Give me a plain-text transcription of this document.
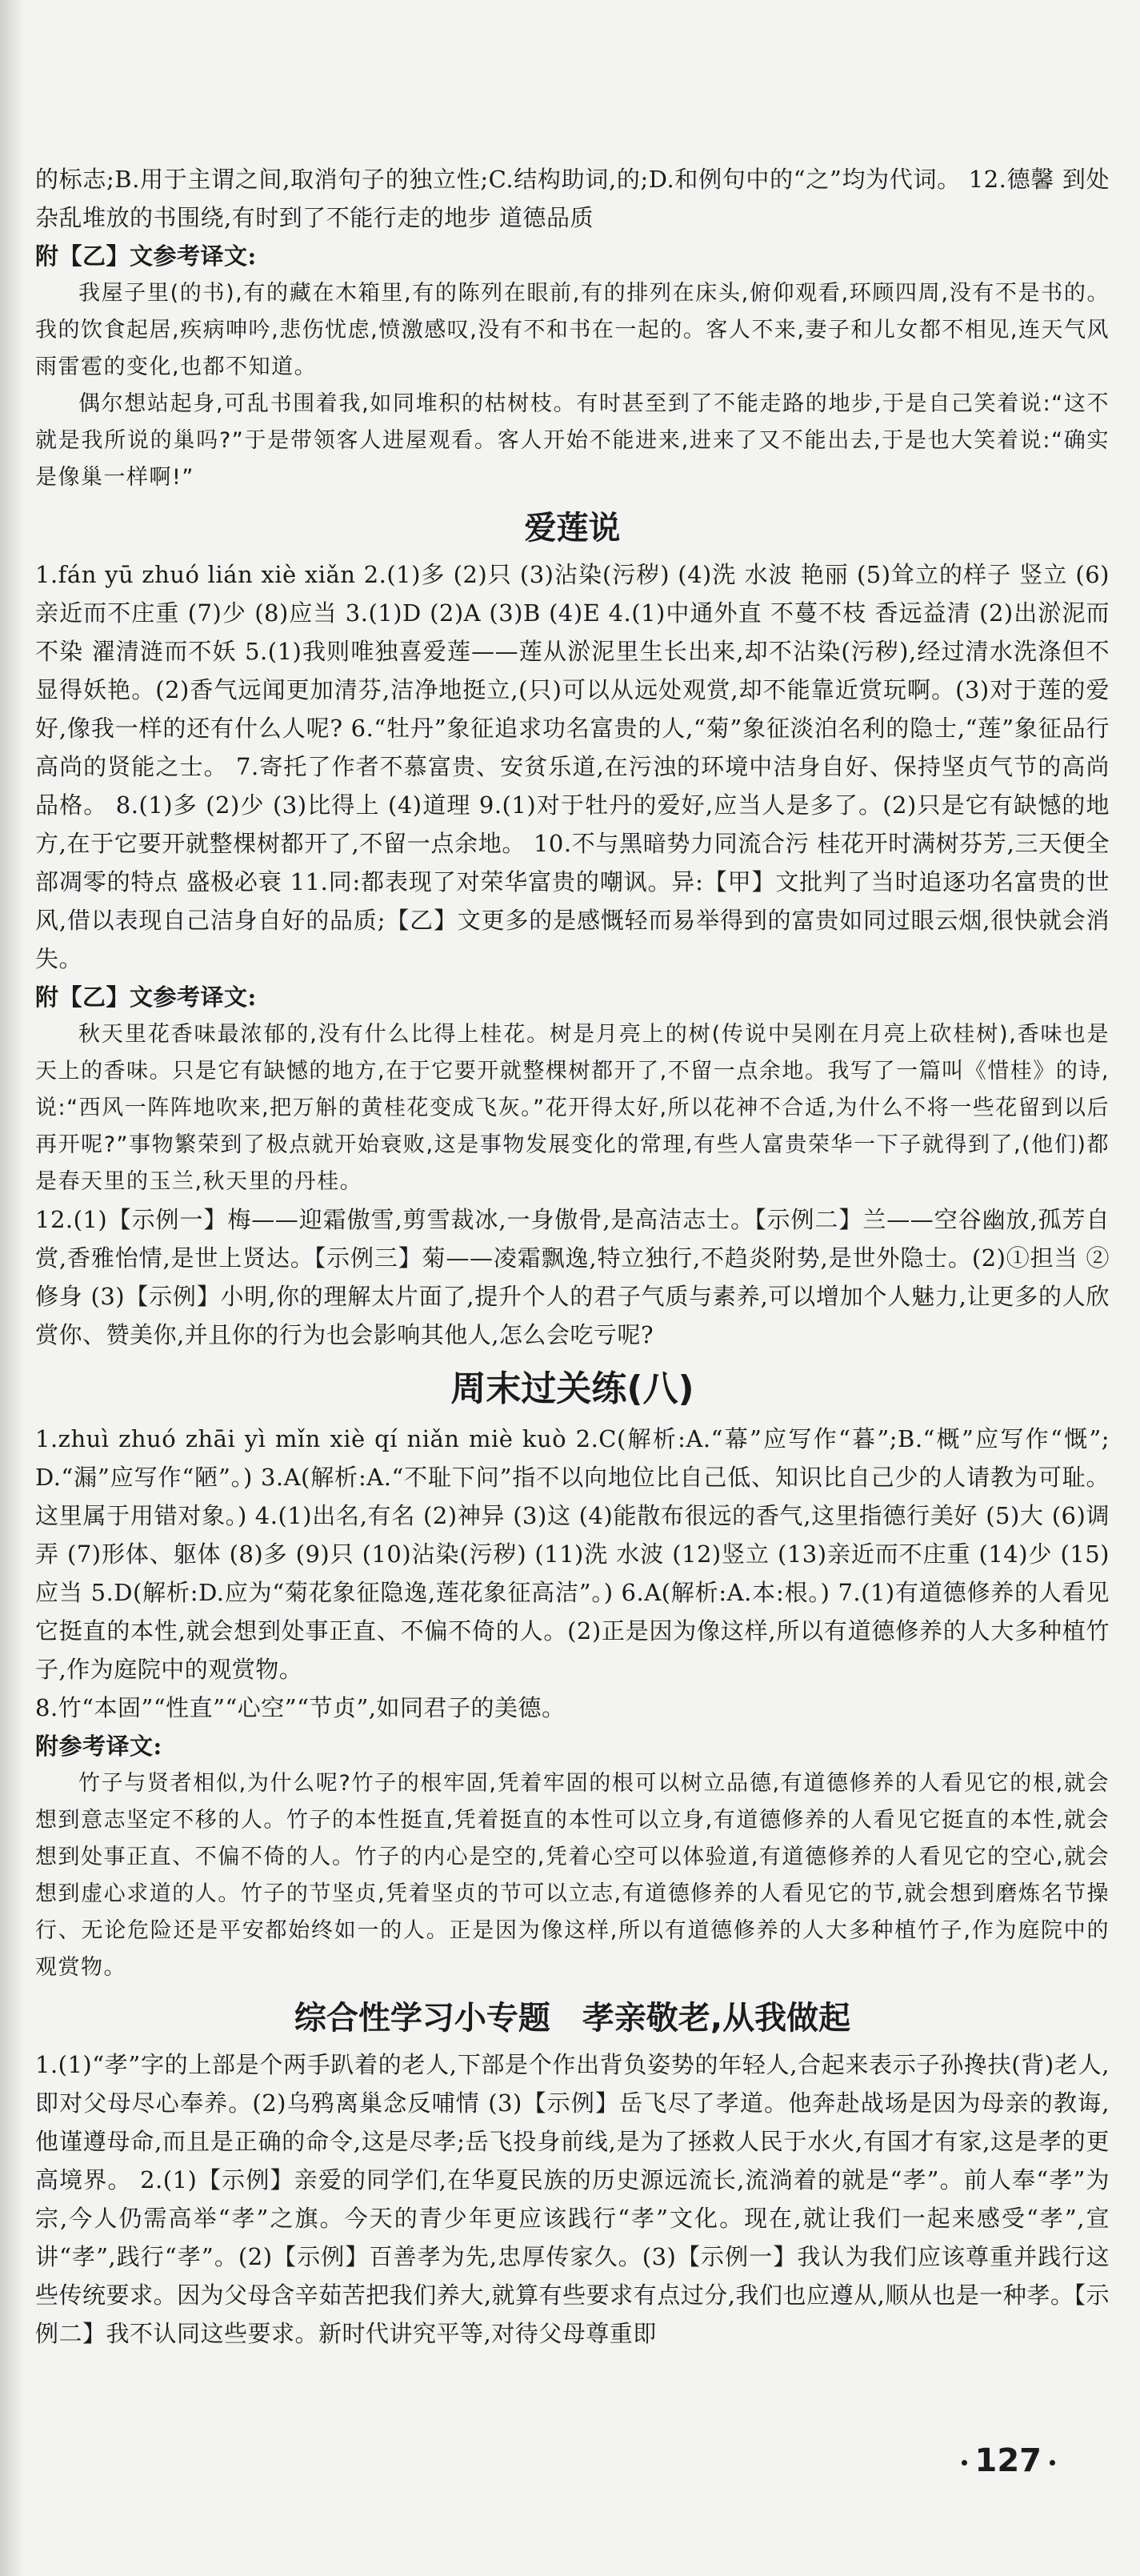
的标志;B.用于主谓之间,取消句子的独立性;C.结构助词,的;D.和例句中的“之”均为代词。 12.德馨 到处杂乱堆放的书围绕,有时到了不能行走的地步 道德品质

附【乙】文参考译文:

我屋子里(的书),有的藏在木箱里,有的陈列在眼前,有的排列在床头,俯仰观看,环顾四周,没有不是书的。我的饮食起居,疾病呻吟,悲伤忧虑,愤激感叹,没有不和书在一起的。客人不来,妻子和儿女都不相见,连天气风雨雷雹的变化,也都不知道。

偶尔想站起身,可乱书围着我,如同堆积的枯树枝。有时甚至到了不能走路的地步,于是自己笑着说:“这不就是我所说的巢吗?”于是带领客人进屋观看。客人开始不能进来,进来了又不能出去,于是也大笑着说:“确实是像巢一样啊!”

爱莲说

1.fán yū zhuó lián xiè xiǎn 2.(1)多 (2)只 (3)沾染(污秽) (4)洗 水波 艳丽 (5)耸立的样子 竖立 (6)亲近而不庄重 (7)少 (8)应当 3.(1)D (2)A (3)B (4)E 4.(1)中通外直 不蔓不枝 香远益清 (2)出淤泥而不染 濯清涟而不妖 5.(1)我则唯独喜爱莲——莲从淤泥里生长出来,却不沾染(污秽),经过清水洗涤但不显得妖艳。(2)香气远闻更加清芬,洁净地挺立,(只)可以从远处观赏,却不能靠近赏玩啊。(3)对于莲的爱好,像我一样的还有什么人呢? 6.“牡丹”象征追求功名富贵的人,“菊”象征淡泊名利的隐士,“莲”象征品行高尚的贤能之士。 7.寄托了作者不慕富贵、安贫乐道,在污浊的环境中洁身自好、保持坚贞气节的高尚品格。 8.(1)多 (2)少 (3)比得上 (4)道理 9.(1)对于牡丹的爱好,应当人是多了。(2)只是它有缺憾的地方,在于它要开就整棵树都开了,不留一点余地。 10.不与黑暗势力同流合污 桂花开时满树芬芳,三天便全部凋零的特点 盛极必衰 11.同:都表现了对荣华富贵的嘲讽。异:【甲】文批判了当时追逐功名富贵的世风,借以表现自己洁身自好的品质;【乙】文更多的是感慨轻而易举得到的富贵如同过眼云烟,很快就会消失。

附【乙】文参考译文:

秋天里花香味最浓郁的,没有什么比得上桂花。树是月亮上的树(传说中吴刚在月亮上砍桂树),香味也是天上的香味。只是它有缺憾的地方,在于它要开就整棵树都开了,不留一点余地。我写了一篇叫《惜桂》的诗,说:“西风一阵阵地吹来,把万斛的黄桂花变成飞灰。”花开得太好,所以花神不合适,为什么不将一些花留到以后再开呢?”事物繁荣到了极点就开始衰败,这是事物发展变化的常理,有些人富贵荣华一下子就得到了,(他们)都是春天里的玉兰,秋天里的丹桂。

12.(1)【示例一】梅——迎霜傲雪,剪雪裁冰,一身傲骨,是高洁志士。【示例二】兰——空谷幽放,孤芳自赏,香雅怡情,是世上贤达。【示例三】菊——凌霜飘逸,特立独行,不趋炎附势,是世外隐士。(2)①担当 ②修身 (3)【示例】小明,你的理解太片面了,提升个人的君子气质与素养,可以增加个人魅力,让更多的人欣赏你、赞美你,并且你的行为也会影响其他人,怎么会吃亏呢?

周末过关练(八)

1.zhuì zhuó zhāi yì mǐn xiè qí niǎn miè kuò 2.C(解析:A.“幕”应写作“暮”;B.“概”应写作“慨”;D.“漏”应写作“陋”。) 3.A(解析:A.“不耻下问”指不以向地位比自己低、知识比自己少的人请教为可耻。这里属于用错对象。) 4.(1)出名,有名 (2)神异 (3)这 (4)能散布很远的香气,这里指德行美好 (5)大 (6)调弄 (7)形体、躯体 (8)多 (9)只 (10)沾染(污秽) (11)洗 水波 (12)竖立 (13)亲近而不庄重 (14)少 (15)应当 5.D(解析:D.应为“菊花象征隐逸,莲花象征高洁”。) 6.A(解析:A.本:根。) 7.(1)有道德修养的人看见它挺直的本性,就会想到处事正直、不偏不倚的人。(2)正是因为像这样,所以有道德修养的人大多种植竹子,作为庭院中的观赏物。

8.竹“本固”“性直”“心空”“节贞”,如同君子的美德。

附参考译文:

竹子与贤者相似,为什么呢?竹子的根牢固,凭着牢固的根可以树立品德,有道德修养的人看见它的根,就会想到意志坚定不移的人。竹子的本性挺直,凭着挺直的本性可以立身,有道德修养的人看见它挺直的本性,就会想到处事正直、不偏不倚的人。竹子的内心是空的,凭着心空可以体验道,有道德修养的人看见它的空心,就会想到虚心求道的人。竹子的节坚贞,凭着坚贞的节可以立志,有道德修养的人看见它的节,就会想到磨炼名节操行、无论危险还是平安都始终如一的人。正是因为像这样,所以有道德修养的人大多种植竹子,作为庭院中的观赏物。

综合性学习小专题 孝亲敬老,从我做起

1.(1)“孝”字的上部是个两手趴着的老人,下部是个作出背负姿势的年轻人,合起来表示子孙搀扶(背)老人,即对父母尽心奉养。(2)乌鸦离巢念反哺情 (3)【示例】岳飞尽了孝道。他奔赴战场是因为母亲的教诲,他谨遵母命,而且是正确的命令,这是尽孝;岳飞投身前线,是为了拯救人民于水火,有国才有家,这是孝的更高境界。 2.(1)【示例】亲爱的同学们,在华夏民族的历史源远流长,流淌着的就是“孝”。前人奉“孝”为宗,今人仍需高举“孝”之旗。今天的青少年更应该践行“孝”文化。现在,就让我们一起来感受“孝”,宣讲“孝”,践行“孝”。(2)【示例】百善孝为先,忠厚传家久。(3)【示例一】我认为我们应该尊重并践行这些传统要求。因为父母含辛茹苦把我们养大,就算有些要求有点过分,我们也应遵从,顺从也是一种孝。【示例二】我不认同这些要求。新时代讲究平等,对待父母尊重即

127
